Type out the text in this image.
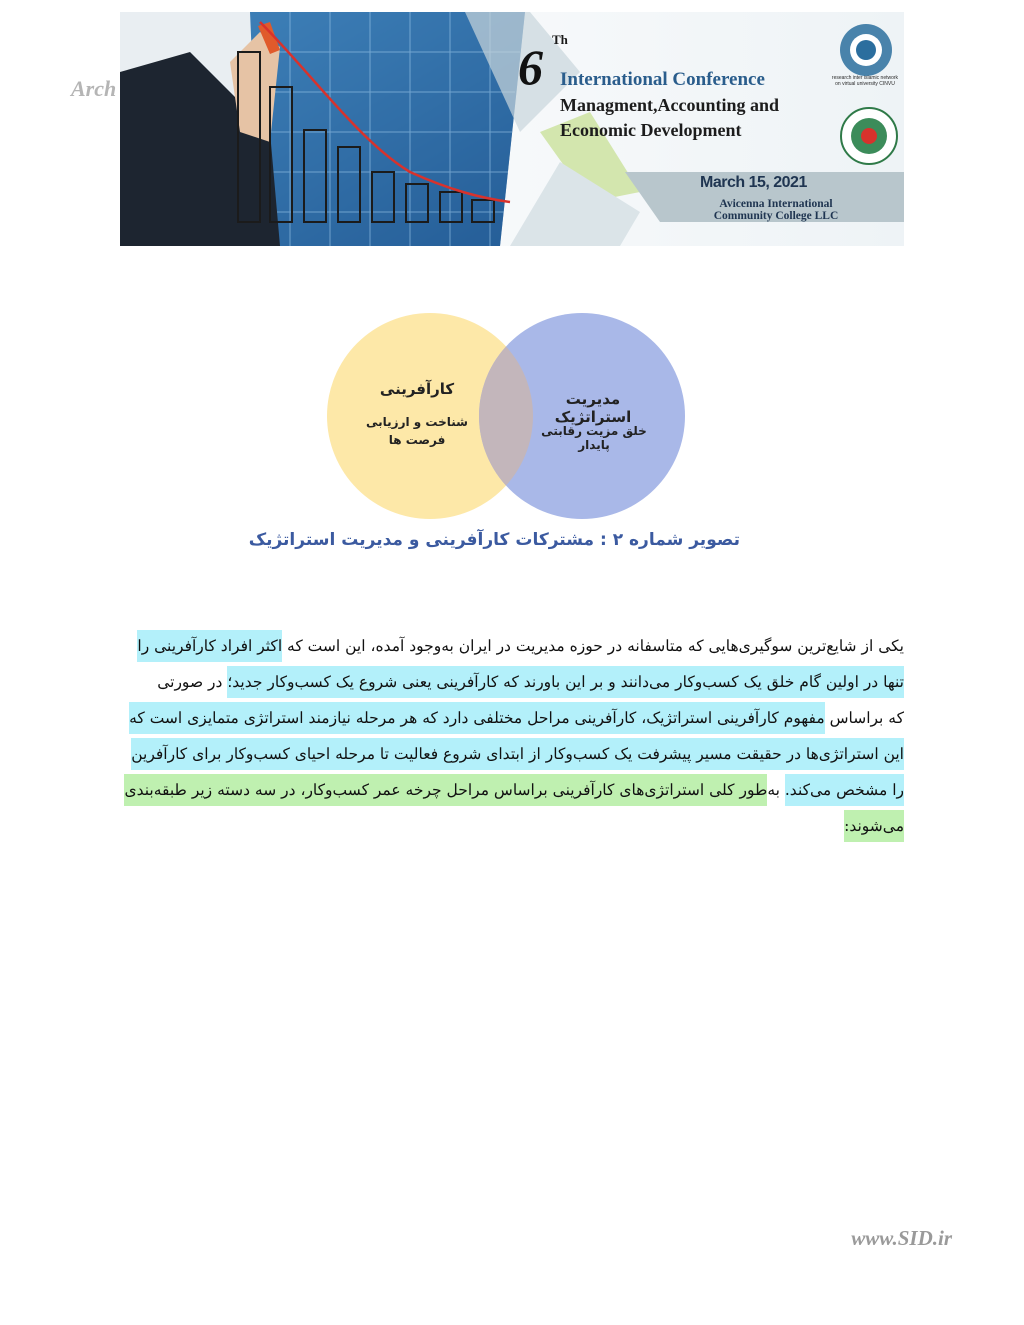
Arch	6 Th
International Conference
Managment,Accounting and
Economic Development
March 15, 2021
Avicenna International
Community College LLC
research inter islamic network on virtual university CINVU
کارآفرینی
شناخت و ارزیابی فرصت ها
مدیریت استراتژیک
خلق مزیت رقابتی پایدار
تصویر شماره ۲ : مشترکات کارآفرینی و مدیریت استراتژیک
یکی از شایع‌ترین سوگیری‌هایی که متاسفانه در حوزه مدیریت در ایران به‌وجود آمده، این است که اکثر افراد کارآفرینی را
تنها در اولین گام خلق یک کسب‌وکار می‌دانند و بر این باورند که کارآفرینی یعنی شروع یک کسب‌وکار جدید؛ در صورتی
که براساس مفهوم کارآفرینی استراتژیک، کارآفرینی مراحل مختلفی دارد که هر مرحله نیازمند استراتژی متمایزی است که
این استراتژی‌ها در حقیقت مسیر پیشرفت یک کسب‌وکار از ابتدای شروع فعالیت تا مرحله احیای کسب‌وکار برای کارآفرین
را مشخص می‌کند. به‌طور کلی استراتژی‌های کارآفرینی براساس مراحل چرخه عمر کسب‌وکار، در سه دسته زیر طبقه‌بندی
می‌شوند:
www.SID.ir
